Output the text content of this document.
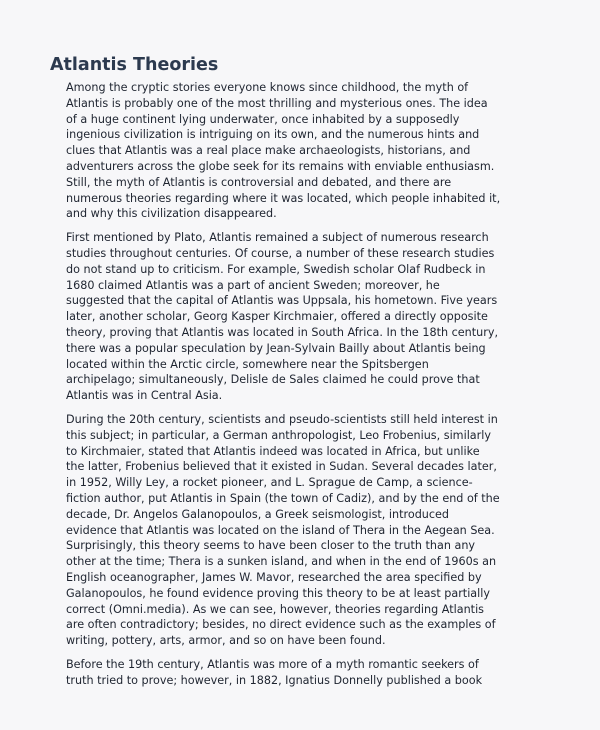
Atlantis Theories

Among the cryptic stories everyone knows since childhood, the myth of
Atlantis is probably one of the most thrilling and mysterious ones. The idea
of a huge continent lying underwater, once inhabited by a supposedly
ingenious civilization is intriguing on its own, and the numerous hints and
clues that Atlantis was a real place make archaeologists, historians, and
adventurers across the globe seek for its remains with enviable enthusiasm.
Still, the myth of Atlantis is controversial and debated, and there are
numerous theories regarding where it was located, which people inhabited it,
and why this civilization disappeared.

First mentioned by Plato, Atlantis remained a subject of numerous research
studies throughout centuries. Of course, a number of these research studies
do not stand up to criticism. For example, Swedish scholar Olaf Rudbeck in
1680 claimed Atlantis was a part of ancient Sweden; moreover, he
suggested that the capital of Atlantis was Uppsala, his hometown. Five years
later, another scholar, Georg Kasper Kirchmaier, offered a directly opposite
theory, proving that Atlantis was located in South Africa. In the 18th century,
there was a popular speculation by Jean-Sylvain Bailly about Atlantis being
located within the Arctic circle, somewhere near the Spitsbergen
archipelago; simultaneously, Delisle de Sales claimed he could prove that
Atlantis was in Central Asia.

During the 20th century, scientists and pseudo-scientists still held interest in
this subject; in particular, a German anthropologist, Leo Frobenius, similarly
to Kirchmaier, stated that Atlantis indeed was located in Africa, but unlike
the latter, Frobenius believed that it existed in Sudan. Several decades later,
in 1952, Willy Ley, a rocket pioneer, and L. Sprague de Camp, a science-
fiction author, put Atlantis in Spain (the town of Cadiz), and by the end of the
decade, Dr. Angelos Galanopoulos, a Greek seismologist, introduced
evidence that Atlantis was located on the island of Thera in the Aegean Sea.
Surprisingly, this theory seems to have been closer to the truth than any
other at the time; Thera is a sunken island, and when in the end of 1960s an
English oceanographer, James W. Mavor, researched the area specified by
Galanopoulos, he found evidence proving this theory to be at least partially
correct (Omni.media). As we can see, however, theories regarding Atlantis
are often contradictory; besides, no direct evidence such as the examples of
writing, pottery, arts, armor, and so on have been found.

Before the 19th century, Atlantis was more of a myth romantic seekers of
truth tried to prove; however, in 1882, Ignatius Donnelly published a book
